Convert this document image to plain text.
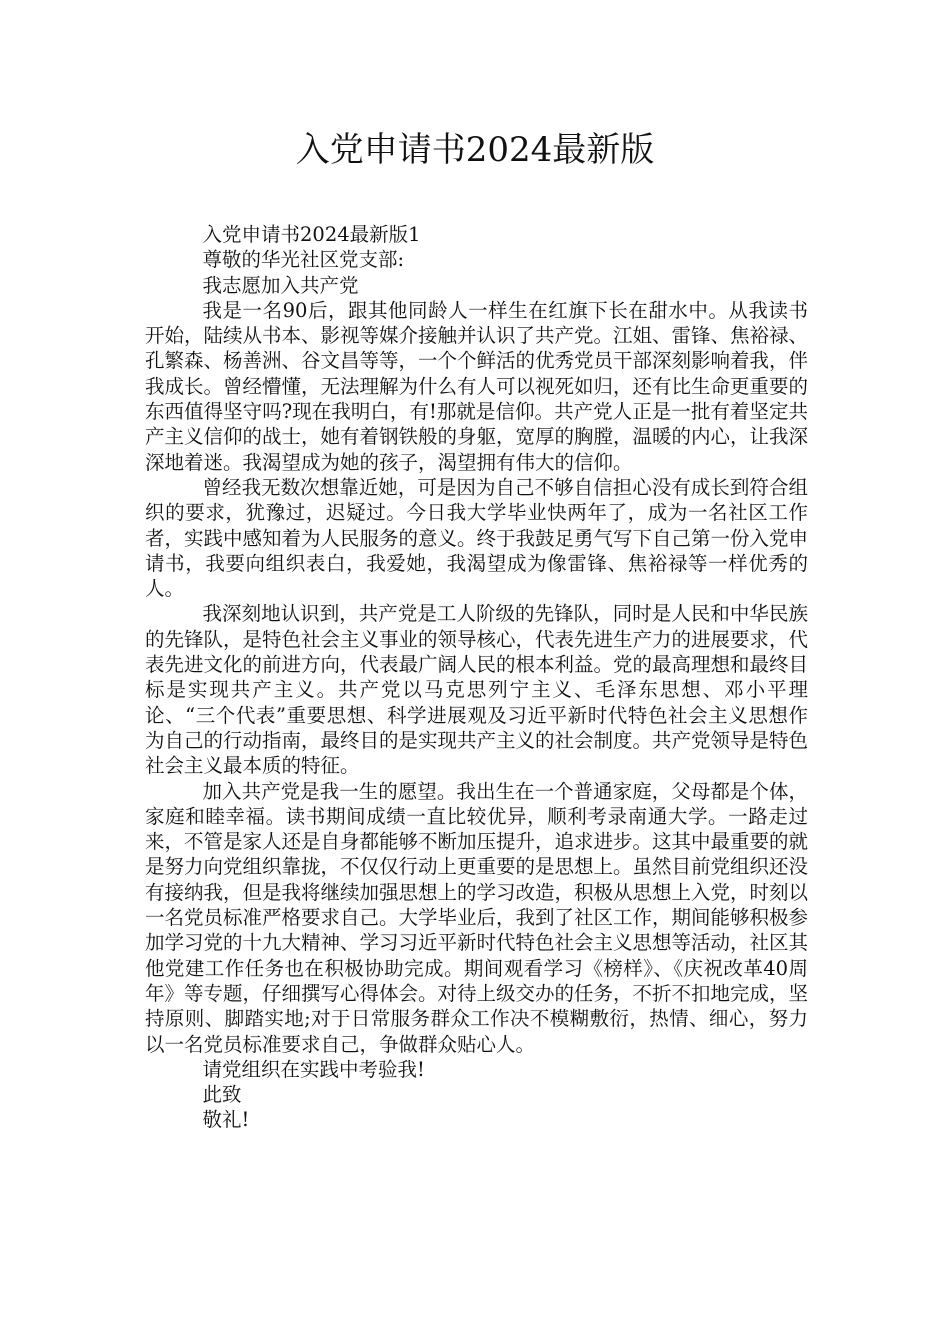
入党申请书2024最新版

入党申请书2024最新版1

尊敬的华光社区党支部:

我志愿加入共产党

我是一名90后，跟其他同龄人一样生在红旗下长在甜水中。从我读书开始，陆续从书本、影视等媒介接触并认识了共产党。江姐、雷锋、焦裕禄、孔繁森、杨善洲、谷文昌等等，一个个鲜活的优秀党员干部深刻影响着我，伴我成长。曾经懵懂，无法理解为什么有人可以视死如归，还有比生命更重要的东西值得坚守吗?现在我明白，有!那就是信仰。共产党人正是一批有着坚定共产主义信仰的战士，她有着钢铁般的身躯，宽厚的胸膛，温暖的内心，让我深深地着迷。我渴望成为她的孩子，渴望拥有伟大的信仰。

曾经我无数次想靠近她，可是因为自己不够自信担心没有成长到符合组织的要求，犹豫过，迟疑过。今日我大学毕业快两年了，成为一名社区工作者，实践中感知着为人民服务的意义。终于我鼓足勇气写下自己第一份入党申请书，我要向组织表白，我爱她，我渴望成为像雷锋、焦裕禄等一样优秀的人。

我深刻地认识到，共产党是工人阶级的先锋队，同时是人民和中华民族的先锋队，是特色社会主义事业的领导核心，代表先进生产力的进展要求，代表先进文化的前进方向，代表最广阔人民的根本利益。党的最高理想和最终目标是实现共产主义。共产党以马克思列宁主义、毛泽东思想、邓小平理论、“三个代表”重要思想、科学进展观及习近平新时代特色社会主义思想作为自己的行动指南，最终目的是实现共产主义的社会制度。共产党领导是特色社会主义最本质的特征。

加入共产党是我一生的愿望。我出生在一个普通家庭，父母都是个体，家庭和睦幸福。读书期间成绩一直比较优异，顺利考录南通大学。一路走过来，不管是家人还是自身都能够不断加压提升，追求进步。这其中最重要的就是努力向党组织靠拢，不仅仅行动上更重要的是思想上。虽然目前党组织还没有接纳我，但是我将继续加强思想上的学习改造，积极从思想上入党，时刻以一名党员标准严格要求自己。大学毕业后，我到了社区工作，期间能够积极参加学习党的十九大精神、学习习近平新时代特色社会主义思想等活动，社区其他党建工作任务也在积极协助完成。期间观看学习《榜样》、《庆祝改革40周年》等专题，仔细撰写心得体会。对待上级交办的任务，不折不扣地完成，坚持原则、脚踏实地;对于日常服务群众工作决不模糊敷衍，热情、细心，努力以一名党员标准要求自己，争做群众贴心人。

请党组织在实践中考验我!

此致

敬礼!
